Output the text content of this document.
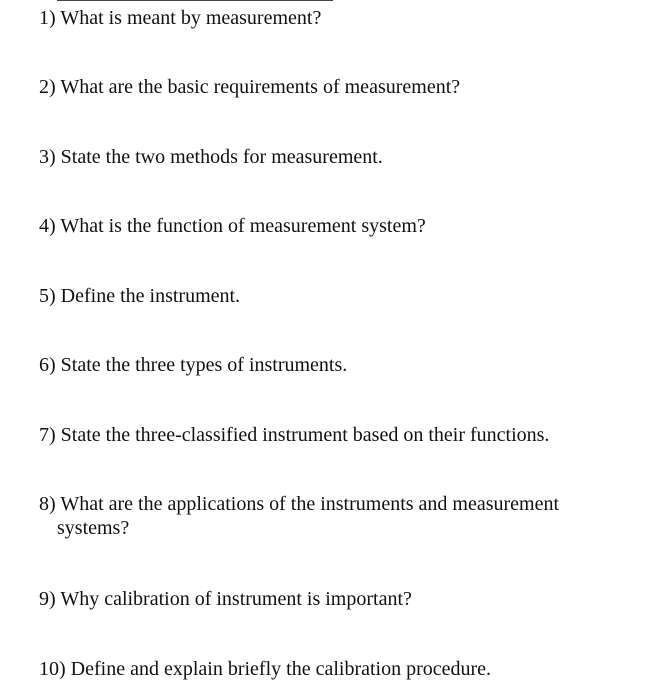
1) What is meant by measurement?
2) What are the basic requirements of measurement?
3) State the two methods for measurement.
4) What is the function of measurement system?
5) Define the instrument.
6) State the three types of instruments.
7) State the three-classified instrument based on their functions.
8) What are the applications of the instruments and measurement
systems?
9) Why calibration of instrument is important?
10) Define and explain briefly the calibration procedure.
